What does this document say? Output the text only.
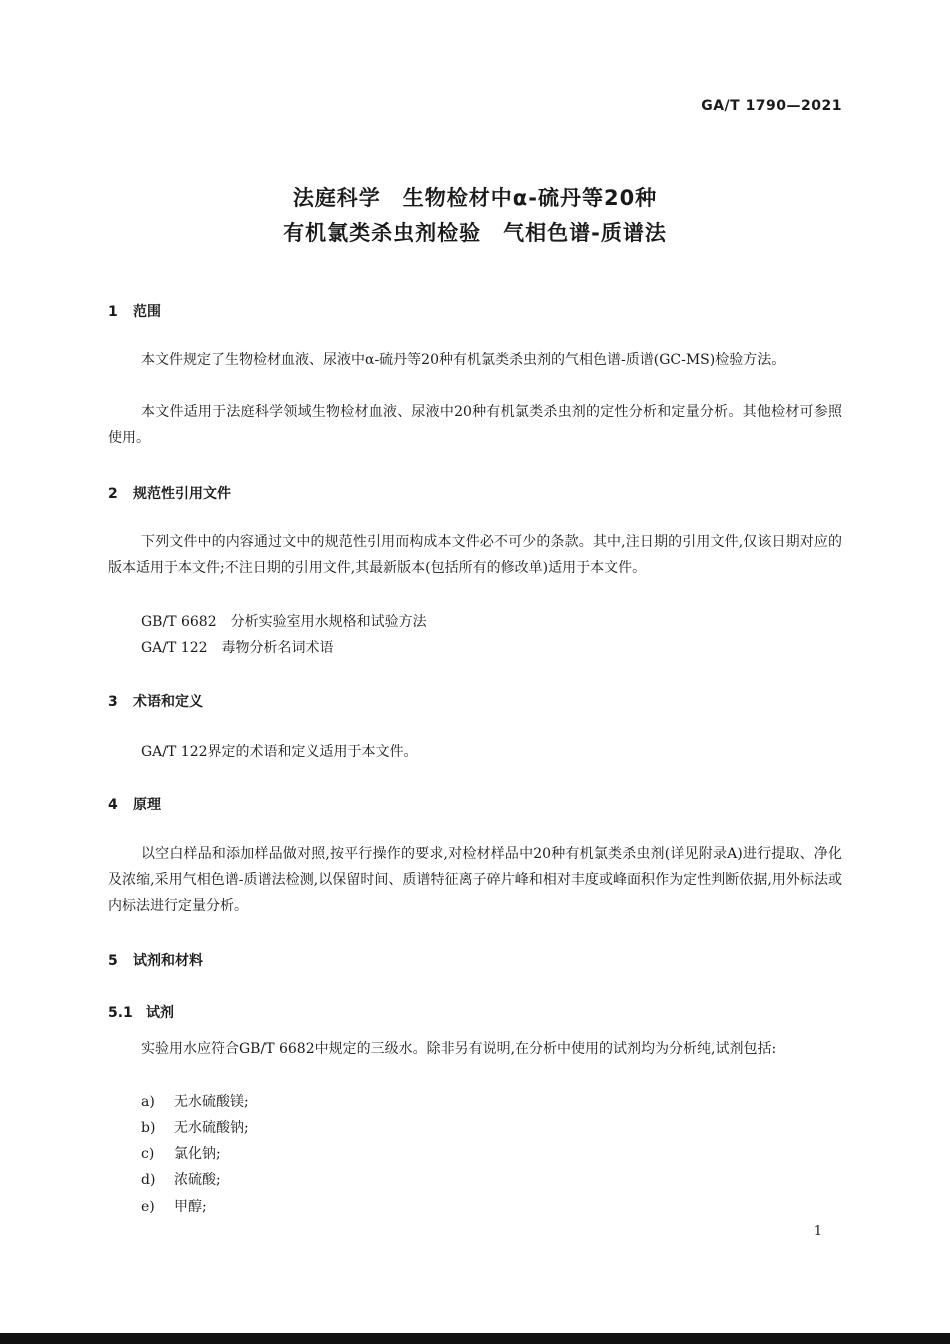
GA/T 1790—2021
法庭科学　生物检材中α-硫丹等20种
有机氯类杀虫剂检验　气相色谱-质谱法
1 范围
本文件规定了生物检材血液、尿液中α-硫丹等20种有机氯类杀虫剂的气相色谱-质谱(GC-MS)检验方法。
本文件适用于法庭科学领域生物检材血液、尿液中20种有机氯类杀虫剂的定性分析和定量分析。其他检材可参照使用。
2 规范性引用文件
下列文件中的内容通过文中的规范性引用而构成本文件必不可少的条款。其中,注日期的引用文件,仅该日期对应的版本适用于本文件;不注日期的引用文件,其最新版本(包括所有的修改单)适用于本文件。
GB/T 6682 分析实验室用水规格和试验方法
GA/T 122 毒物分析名词术语
3 术语和定义
GA/T 122界定的术语和定义适用于本文件。
4 原理
以空白样品和添加样品做对照,按平行操作的要求,对检材样品中20种有机氯类杀虫剂(详见附录A)进行提取、净化及浓缩,采用气相色谱-质谱法检测,以保留时间、质谱特征离子碎片峰和相对丰度或峰面积作为定性判断依据,用外标法或内标法进行定量分析。
5 试剂和材料
5.1 试剂
实验用水应符合GB/T 6682中规定的三级水。除非另有说明,在分析中使用的试剂均为分析纯,试剂包括:
a) 无水硫酸镁;
b) 无水硫酸钠;
c) 氯化钠;
d) 浓硫酸;
e) 甲醇;
1
